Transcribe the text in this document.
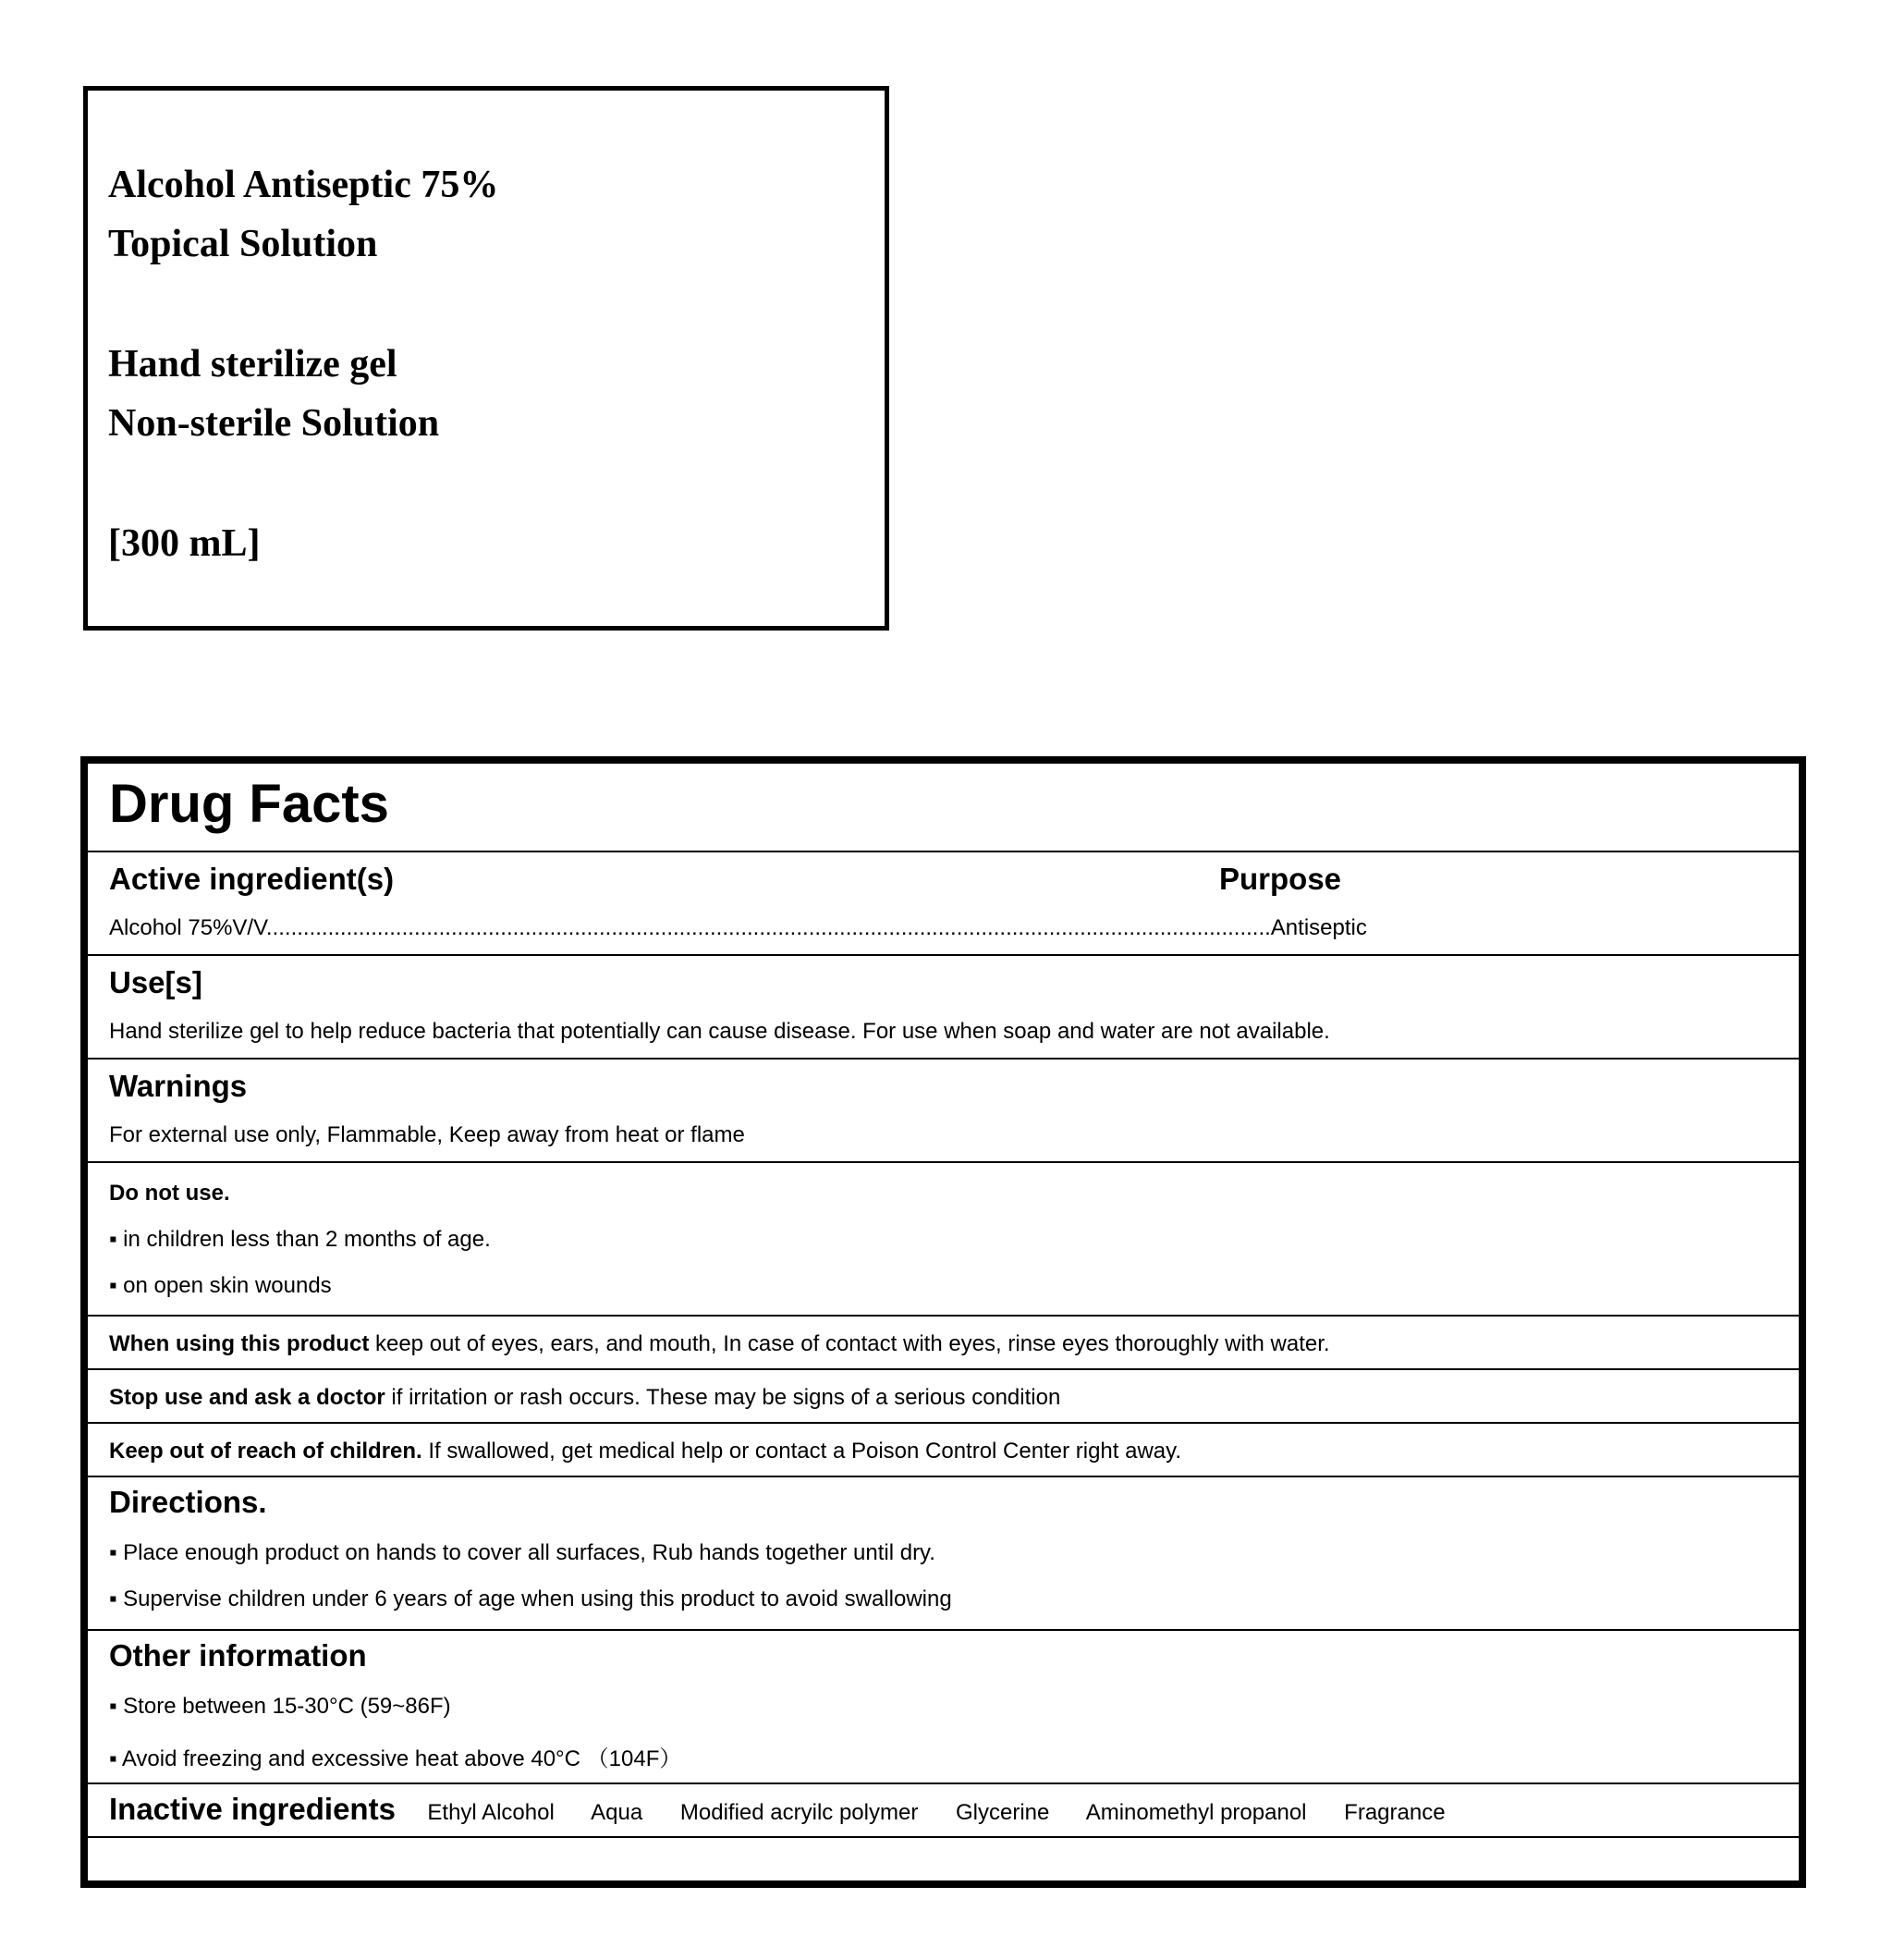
Alcohol Antiseptic 75%
Topical Solution
Hand sterilize gel
Non-sterile Solution
[300 mL]
Drug Facts
Active ingredient(s)	Purpose
Alcohol 75%V/V...................................................................................................................................................................Antiseptic
Use[s]
Hand sterilize gel to help reduce bacteria that potentially can cause disease. For use when soap and water are not available.
Warnings
For external use only, Flammable, Keep away from heat or flame
Do not use.
▪ in children less than 2 months of age.
▪ on open skin wounds
When using this product keep out of eyes, ears, and mouth, In case of contact with eyes, rinse eyes thoroughly with water.
Stop use and ask a doctor if irritation or rash occurs. These may be signs of a serious condition
Keep out of reach of children. If swallowed, get medical help or contact a Poison Control Center right away.
Directions.
▪ Place enough product on hands to cover all surfaces, Rub hands together until dry.
▪ Supervise children under 6 years of age when using this product to avoid swallowing
Other information
▪ Store between 15-30°C (59~86F)
▪ Avoid freezing and excessive heat above 40°C （104F）
Inactive ingredients Ethyl Alcohol Aqua Modified acryilc polymer Glycerine Aminomethyl propanol Fragrance
